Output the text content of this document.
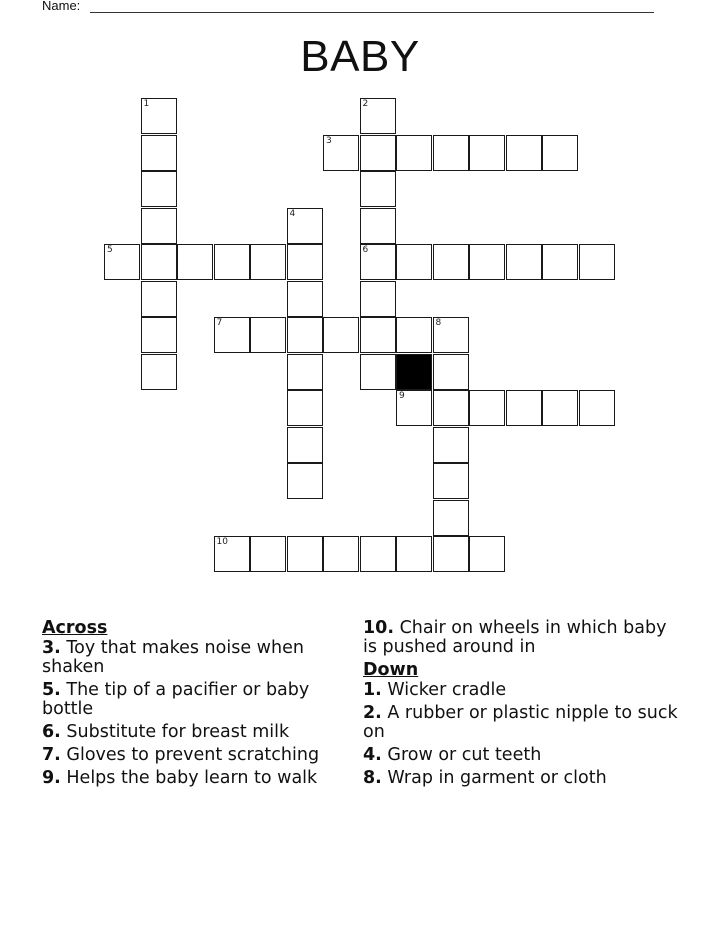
Name:
BABY
1	2
3
4
5	6
7	8
9
10
Across
3. Toy that makes noise when shaken
5. The tip of a pacifier or baby bottle
6. Substitute for breast milk
7. Gloves to prevent scratching
9. Helps the baby learn to walk
10. Chair on wheels in which baby is pushed around in
Down
1. Wicker cradle
2. A rubber or plastic nipple to suck on
4. Grow or cut teeth
8. Wrap in garment or cloth
